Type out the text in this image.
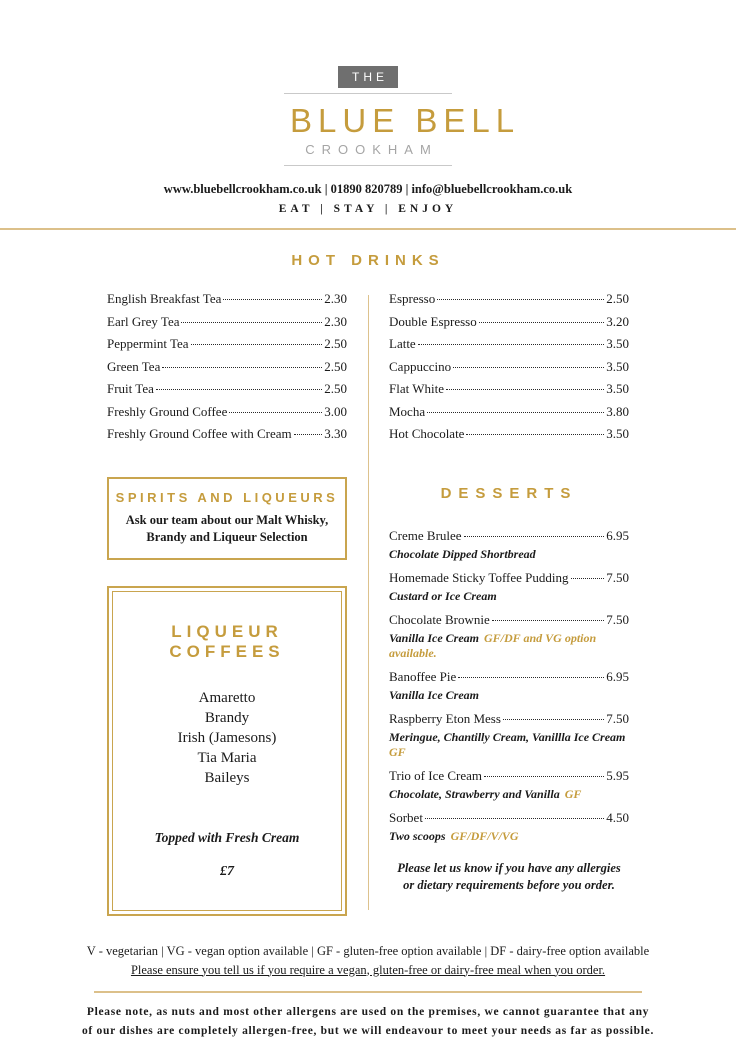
THE
BLUE BELL
CROOKHAM
www.bluebellcrookham.co.uk | 01890 820789 | info@bluebellcrookham.co.uk
EAT | STAY | ENJOY
HOT DRINKS
English Breakfast Tea	2.30
Earl Grey Tea	2.30
Peppermint Tea	2.50
Green Tea	2.50
Fruit Tea	2.50
Freshly Ground Coffee	3.00
Freshly Ground Coffee with Cream	3.30
SPIRITS AND LIQUEURS
Ask our team about our Malt Whisky,
Brandy and Liqueur Selection
LIQUEUR COFFEES
Amaretto
Brandy
Irish (Jamesons)
Tia Maria
Baileys
Topped with Fresh Cream
£7
Espresso	2.50
Double Espresso	3.20
Latte	3.50
Cappuccino	3.50
Flat White	3.50
Mocha	3.80
Hot Chocolate	3.50
DESSERTS
Creme Brulee	6.95
Chocolate Dipped Shortbread
Homemade Sticky Toffee Pudding	7.50
Custard or Ice Cream
Chocolate Brownie	7.50
Vanilla Ice Cream GF/DF and VG option available.
Banoffee Pie	6.95
Vanilla Ice Cream
Raspberry Eton Mess	7.50
Meringue, Chantilly Cream, Vanillla Ice Cream
GF
Trio of Ice Cream	5.95
Chocolate, Strawberry and Vanilla GF
Sorbet	4.50
Two scoops GF/DF/V/VG
Please let us know if you have any allergies
or dietary requirements before you order.
V - vegetarian | VG - vegan option available | GF - gluten-free option available | DF - dairy-free option available
Please ensure you tell us if you require a vegan, gluten-free or dairy-free meal when you order.
Please note, as nuts and most other allergens are used on the premises, we cannot guarantee that any
of our dishes are completely allergen-free, but we will endeavour to meet your needs as far as possible.
